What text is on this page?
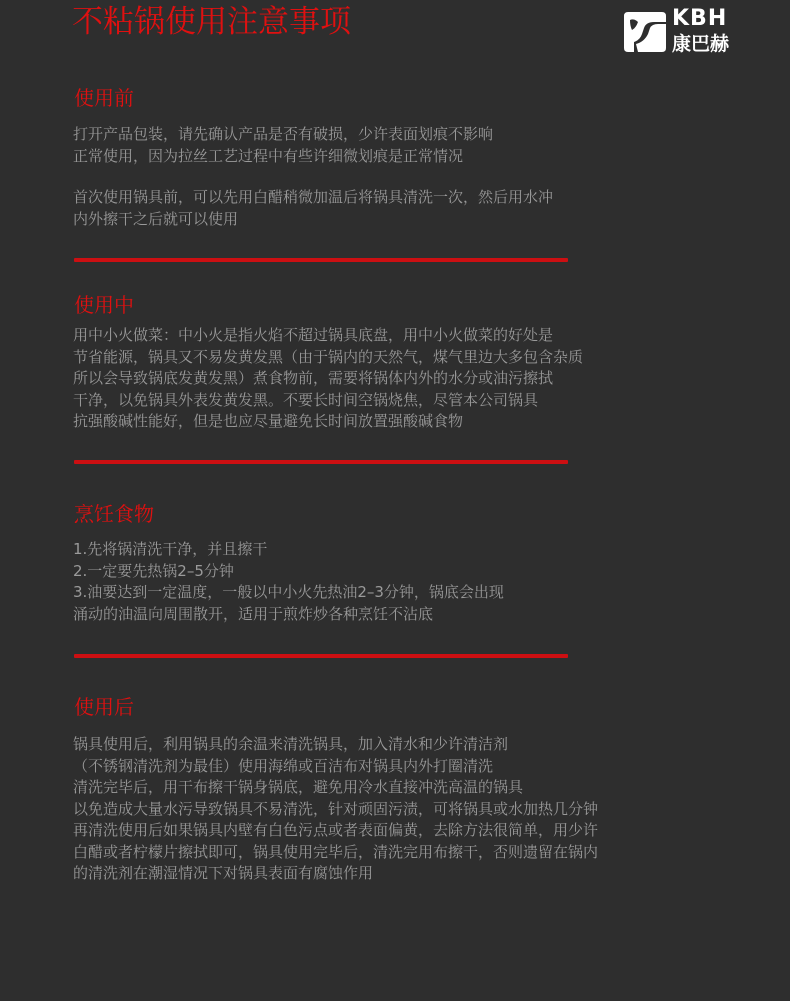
不粘锅使用注意事项	KBH
康巴赫
使用前

打开产品包装，请先确认产品是否有破损，少许表面划痕不影响
正常使用，因为拉丝工艺过程中有些许细微划痕是正常情况

首次使用锅具前，可以先用白醋稍微加温后将锅具清洗一次，然后用水冲
内外擦干之后就可以使用

使用中

用中小火做菜：中小火是指火焰不超过锅具底盘，用中小火做菜的好处是
节省能源，锅具又不易发黄发黑（由于锅内的天然气，煤气里边大多包含杂质
所以会导致锅底发黄发黑）煮食物前，需要将锅体内外的水分或油污擦拭
干净，以免锅具外表发黄发黑。不要长时间空锅烧焦，尽管本公司锅具
抗强酸碱性能好，但是也应尽量避免长时间放置强酸碱食物

烹饪食物

1.先将锅清洗干净，并且擦干
2.一定要先热锅2–5分钟
3.油要达到一定温度，一般以中小火先热油2–3分钟，锅底会出现
涌动的油温向周围散开，适用于煎炸炒各种烹饪不沾底

使用后

锅具使用后，利用锅具的余温来清洗锅具，加入清水和少许清洁剂
（不锈钢清洗剂为最佳）使用海绵或百洁布对锅具内外打圈清洗
清洗完毕后，用干布擦干锅身锅底，避免用冷水直接冲洗高温的锅具
以免造成大量水污导致锅具不易清洗，针对顽固污渍，可将锅具或水加热几分钟
再清洗使用后如果锅具内壁有白色污点或者表面偏黄，去除方法很简单，用少许
白醋或者柠檬片擦拭即可，锅具使用完毕后，清洗完用布擦干，否则遗留在锅内
的清洗剂在潮湿情况下对锅具表面有腐蚀作用
